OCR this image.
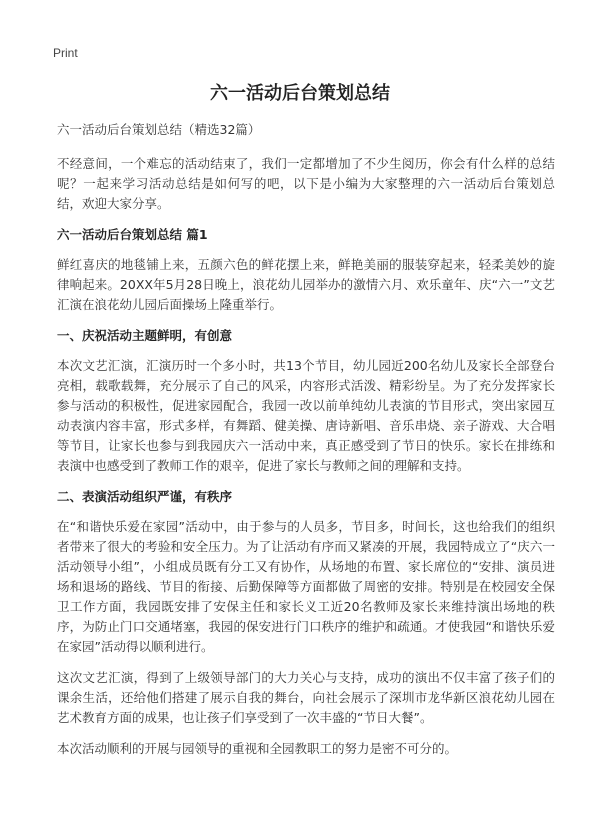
Print
六一活动后台策划总结
六一活动后台策划总结（精选32篇）

不经意间，一个难忘的活动结束了，我们一定都增加了不少生阅历，你会有什么样的总结呢？一起来学习活动总结是如何写的吧，以下是小编为大家整理的六一活动后台策划总结，欢迎大家分享。

六一活动后台策划总结 篇1

鲜红喜庆的地毯铺上来，五颜六色的鲜花摆上来，鲜艳美丽的服装穿起来，轻柔美妙的旋律响起来。20XX年5月28日晚上，浪花幼儿园举办的激情六月、欢乐童年、庆“六一”文艺汇演在浪花幼儿园后面操场上隆重举行。

一、庆祝活动主题鲜明，有创意

本次文艺汇演，汇演历时一个多小时，共13个节目，幼儿园近200名幼儿及家长全部登台亮相，载歌载舞，充分展示了自己的风采，内容形式活泼、精彩纷呈。为了充分发挥家长参与活动的积极性，促进家园配合，我园一改以前单纯幼儿表演的节目形式，突出家园互动表演内容丰富，形式多样，有舞蹈、健美操、唐诗新唱、音乐串烧、亲子游戏、大合唱等节目，让家长也参与到我园庆六一活动中来，真正感受到了节日的快乐。家长在排练和表演中也感受到了教师工作的艰辛，促进了家长与教师之间的理解和支持。

二、表演活动组织严谨，有秩序

在“和谐快乐爱在家园”活动中，由于参与的人员多，节目多，时间长，这也给我们的组织者带来了很大的考验和安全压力。为了让活动有序而又紧凑的开展，我园特成立了“庆六一活动领导小组”，小组成员既有分工又有协作，从场地的布置、家长席位的“安排、演员进场和退场的路线、节目的衔接、后勤保障等方面都做了周密的安排。特别是在校园安全保卫工作方面，我园既安排了安保主任和家长义工近20名教师及家长来维持演出场地的秩序，为防止门口交通堵塞，我园的保安进行门口秩序的维护和疏通。才使我园“和谐快乐爱在家园”活动得以顺利进行。

这次文艺汇演，得到了上级领导部门的大力关心与支持，成功的演出不仅丰富了孩子们的课余生活，还给他们搭建了展示自我的舞台，向社会展示了深圳市龙华新区浪花幼儿园在艺术教育方面的成果，也让孩子们享受到了一次丰盛的“节日大餐”。

本次活动顺利的开展与园领导的重视和全园教职工的努力是密不可分的。
